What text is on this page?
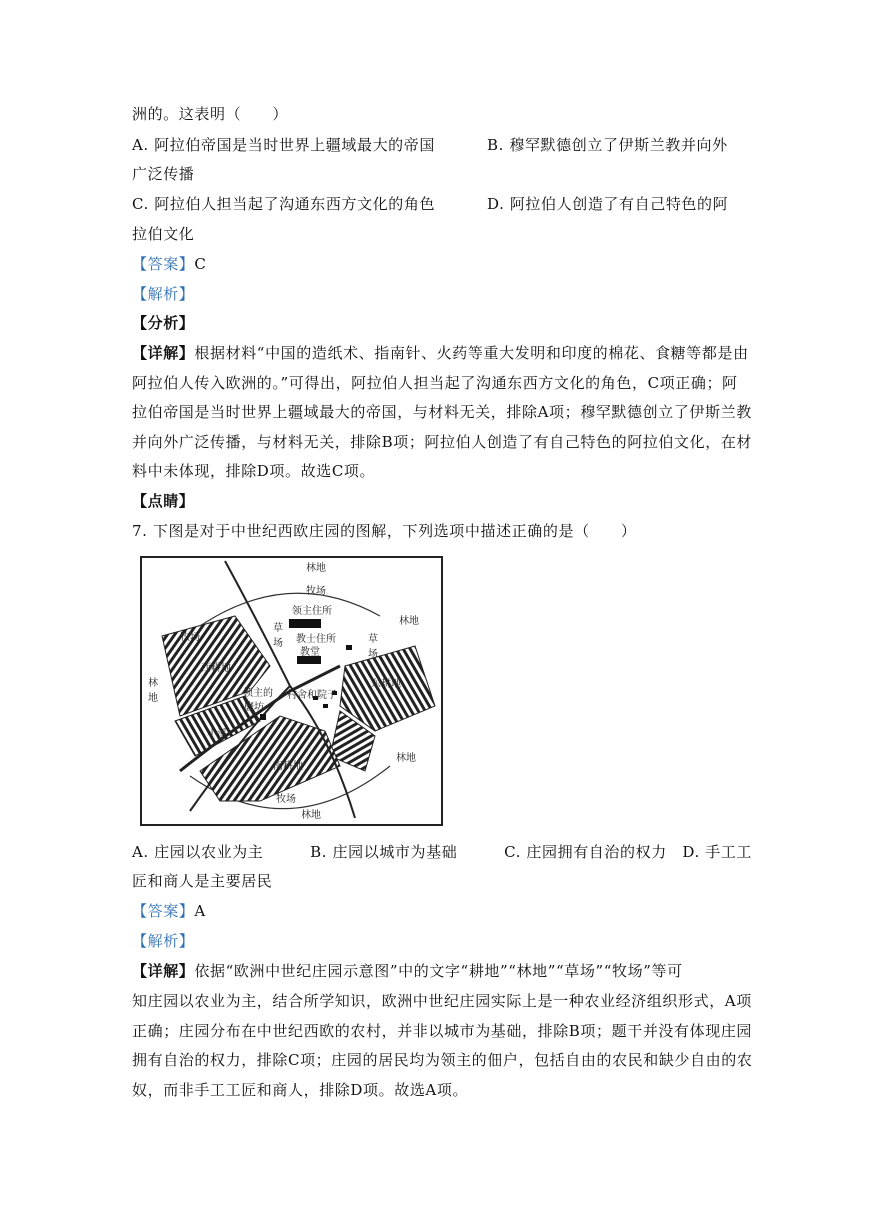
洲的。这表明（　　）
A. 阿拉伯帝国是当时世界上疆域最大的帝国	B. 穆罕默德创立了伊斯兰教并向外
广泛传播
C. 阿拉伯人担当起了沟通东西方文化的角色	D. 阿拉伯人创造了有自己特色的阿
拉伯文化
【答案】C
【解析】
【分析】
【详解】根据材料“中国的造纸术、指南针、火药等重大发明和印度的棉花、食糖等都是由
阿拉伯人传入欧洲的。”可得出，阿拉伯人担当起了沟通东西方文化的角色，C项正确；阿
拉伯帝国是当时世界上疆域最大的帝国，与材料无关，排除A项；穆罕默德创立了伊斯兰教
并向外广泛传播，与材料无关，排除B项；阿拉伯人创造了有自己特色的阿拉伯文化，在材
料中未体现，排除D项。故选C项。
【点睛】
7. 下图是对于中世纪西欧庄园的图解，下列选项中描述正确的是（　　）
林地
牧场
领主住所
草
场 教士住所
教堂
草
场
林地
牧场
西耕地
东耕地
林
地	领主的
磨坊
村舍和院子
小溪
林地
南耕地
牧场
林地
A. 庄园以农业为主　　　B. 庄园以城市为基础　　　C. 庄园拥有自治的权力　D. 手工工
匠和商人是主要居民
【答案】A
【解析】
【详解】依据“欧洲中世纪庄园示意图”中的文字“耕地”“林地”“草场”“牧场”等可
知庄园以农业为主，结合所学知识，欧洲中世纪庄园实际上是一种农业经济组织形式，A项
正确；庄园分布在中世纪西欧的农村，并非以城市为基础，排除B项；题干并没有体现庄园
拥有自治的权力，排除C项；庄园的居民均为领主的佃户，包括自由的农民和缺少自由的农
奴，而非手工工匠和商人，排除D项。故选A项。
